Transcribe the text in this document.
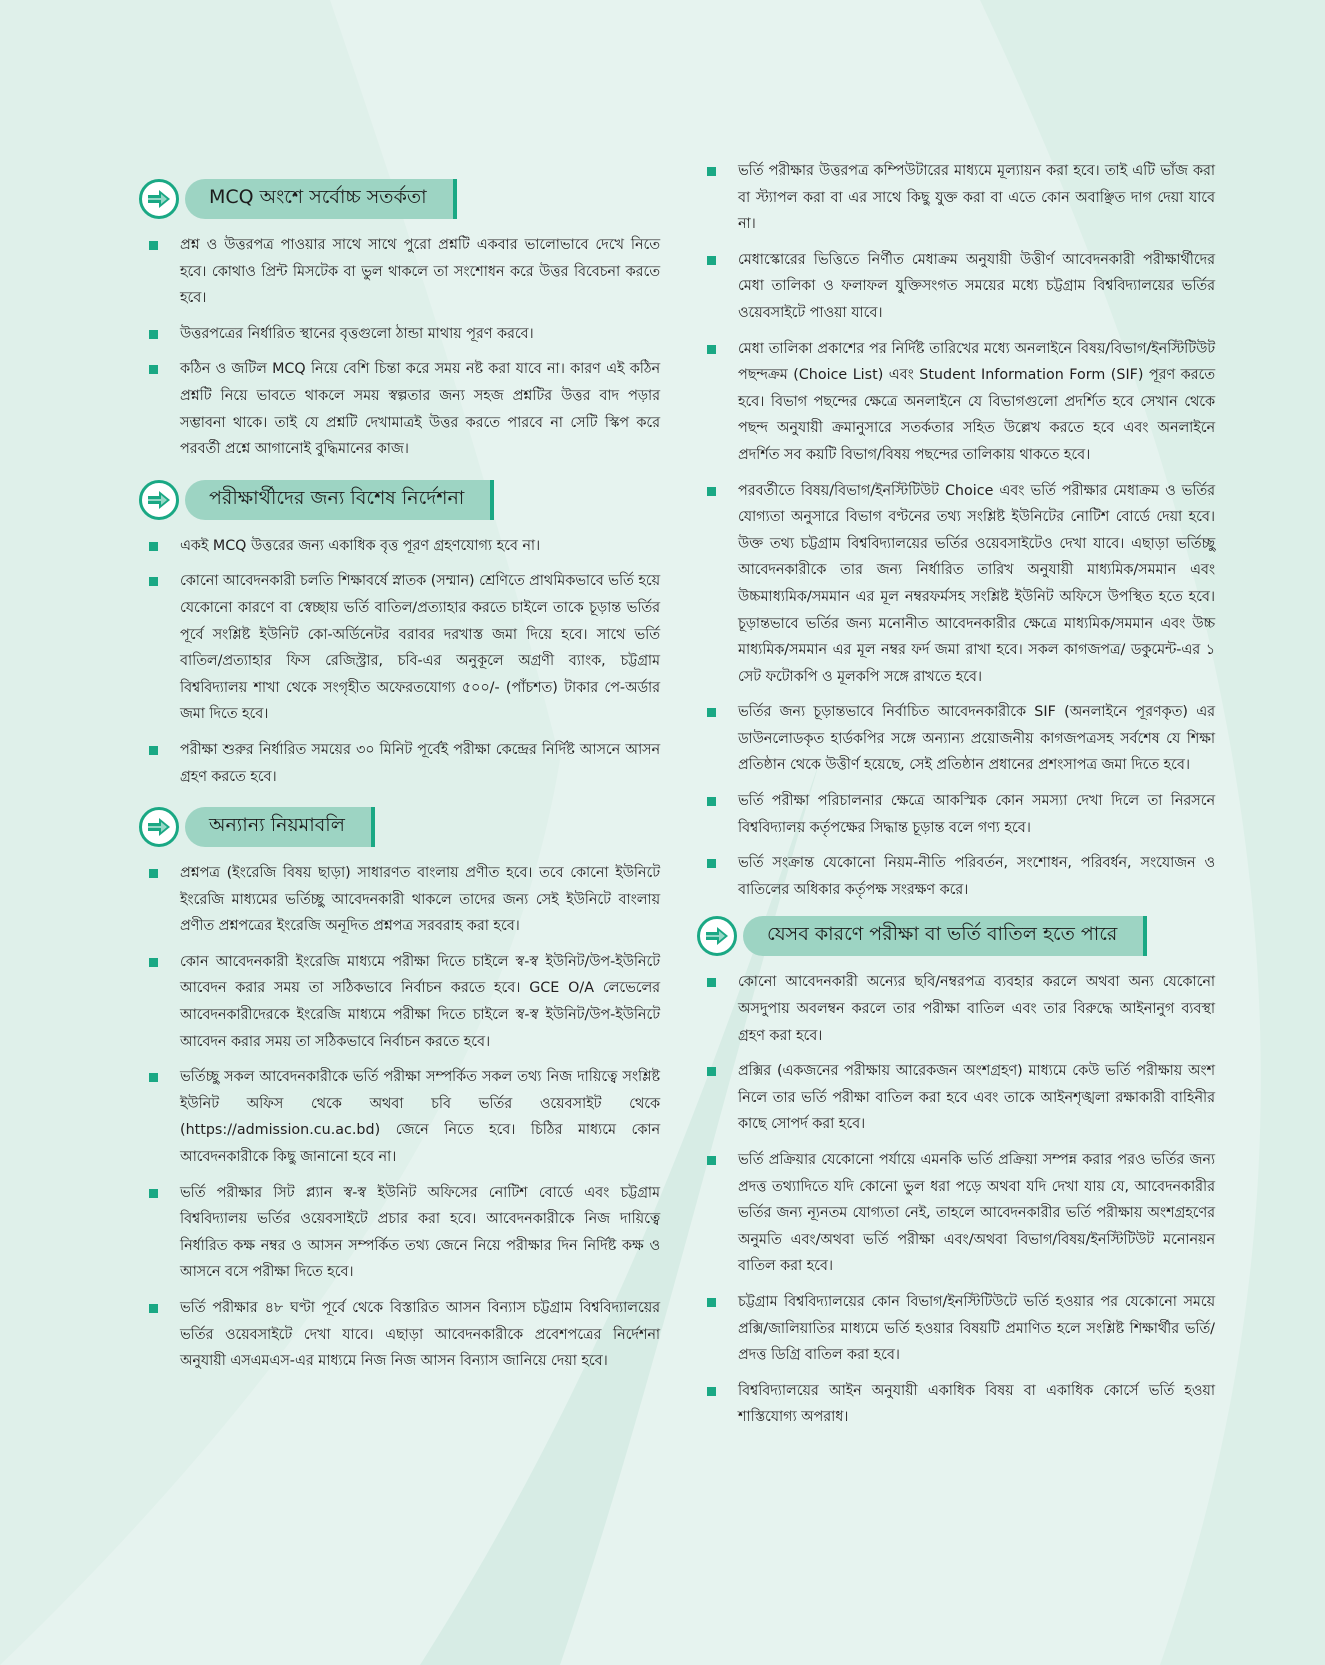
MCQ অংশে সর্বোচ্চ সতর্কতা
প্রশ্ন ও উত্তরপত্র পাওয়ার সাথে সাথে পুরো প্রশ্নটি একবার ভালোভাবে দেখে নিতে হবে। কোথাও প্রিন্ট মিসটেক বা ভুল থাকলে তা সংশোধন করে উত্তর বিবেচনা করতে হবে।
উত্তরপত্রের নির্ধারিত স্থানের বৃত্তগুলো ঠান্ডা মাথায় পূরণ করবে।
কঠিন ও জটিল MCQ নিয়ে বেশি চিন্তা করে সময় নষ্ট করা যাবে না। কারণ এই কঠিন প্রশ্নটি নিয়ে ভাবতে থাকলে সময় স্বল্পতার জন্য সহজ প্রশ্নটির উত্তর বাদ পড়ার সম্ভাবনা থাকে। তাই যে প্রশ্নটি দেখামাত্রই উত্তর করতে পারবে না সেটি স্কিপ করে পরবর্তী প্রশ্নে আগানোই বুদ্ধিমানের কাজ।
পরীক্ষার্থীদের জন্য বিশেষ নির্দেশনা
একই MCQ উত্তরের জন্য একাধিক বৃত্ত পূরণ গ্রহণযোগ্য হবে না।
কোনো আবেদনকারী চলতি শিক্ষাবর্ষে স্নাতক (সম্মান) শ্রেণিতে প্রাথমিকভাবে ভর্তি হয়ে যেকোনো কারণে বা স্বেচ্ছায় ভর্তি বাতিল/প্রত্যাহার করতে চাইলে তাকে চূড়ান্ত ভর্তির পূর্বে সংশ্লিষ্ট ইউনিট কো-অর্ডিনেটর বরাবর দরখাস্ত জমা দিয়ে হবে। সাথে ভর্তি বাতিল/প্রত্যাহার ফিস রেজিস্ট্রার, চবি-এর অনুকূলে অগ্রণী ব্যাংক, চট্টগ্রাম বিশ্ববিদ্যালয় শাখা থেকে সংগৃহীত অফেরতযোগ্য ৫০০/- (পাঁচশত) টাকার পে-অর্ডার জমা দিতে হবে।
পরীক্ষা শুরুর নির্ধারিত সময়ের ৩০ মিনিট পূর্বেই পরীক্ষা কেন্দ্রের নির্দিষ্ট আসনে আসন গ্রহণ করতে হবে।
অন্যান্য নিয়মাবলি
প্রশ্নপত্র (ইংরেজি বিষয় ছাড়া) সাধারণত বাংলায় প্রণীত হবে। তবে কোনো ইউনিটে ইংরেজি মাধ্যমের ভর্তিচ্ছু আবেদনকারী থাকলে তাদের জন্য সেই ইউনিটে বাংলায় প্রণীত প্রশ্নপত্রের ইংরেজি অনূদিত প্রশ্নপত্র সরবরাহ করা হবে।
কোন আবেদনকারী ইংরেজি মাধ্যমে পরীক্ষা দিতে চাইলে স্ব-স্ব ইউনিট/উপ-ইউনিটে আবেদন করার সময় তা সঠিকভাবে নির্বাচন করতে হবে। GCE O/A লেভেলের আবেদনকারীদেরকে ইংরেজি মাধ্যমে পরীক্ষা দিতে চাইলে স্ব-স্ব ইউনিট/উপ-ইউনিটে আবেদন করার সময় তা সঠিকভাবে নির্বাচন করতে হবে।
ভর্তিচ্ছু সকল আবেদনকারীকে ভর্তি পরীক্ষা সম্পর্কিত সকল তথ্য নিজ দায়িত্বে সংশ্লিষ্ট ইউনিট অফিস থেকে অথবা চবি ভর্তির ওয়েবসাইট থেকে (https://admission.cu.ac.bd) জেনে নিতে হবে। চিঠির মাধ্যমে কোন আবেদনকারীকে কিছু জানানো হবে না।
ভর্তি পরীক্ষার সিট প্ল্যান স্ব-স্ব ইউনিট অফিসের নোটিশ বোর্ডে এবং চট্টগ্রাম বিশ্ববিদ্যালয় ভর্তির ওয়েবসাইটে প্রচার করা হবে। আবেদনকারীকে নিজ দায়িত্বে নির্ধারিত কক্ষ নম্বর ও আসন সম্পর্কিত তথ্য জেনে নিয়ে পরীক্ষার দিন নির্দিষ্ট কক্ষ ও আসনে বসে পরীক্ষা দিতে হবে।
ভর্তি পরীক্ষার ৪৮ ঘণ্টা পূর্বে থেকে বিস্তারিত আসন বিন্যাস চট্টগ্রাম বিশ্ববিদ্যালয়ের ভর্তির ওয়েবসাইটে দেখা যাবে। এছাড়া আবেদনকারীকে প্রবেশপত্রের নির্দেশনা অনুযায়ী এসএমএস-এর মাধ্যমে নিজ নিজ আসন বিন্যাস জানিয়ে দেয়া হবে।
ভর্তি পরীক্ষার উত্তরপত্র কম্পিউটারের মাধ্যমে মূল্যায়ন করা হবে। তাই এটি ভাঁজ করা বা স্ট্যাপল করা বা এর সাথে কিছু যুক্ত করা বা এতে কোন অবাঞ্ছিত দাগ দেয়া যাবে না।
মেধাস্কোরের ভিত্তিতে নির্ণীত মেধাক্রম অনুযায়ী উত্তীর্ণ আবেদনকারী পরীক্ষার্থীদের মেধা তালিকা ও ফলাফল যুক্তিসংগত সময়ের মধ্যে চট্টগ্রাম বিশ্ববিদ্যালয়ের ভর্তির ওয়েবসাইটে পাওয়া যাবে।
মেধা তালিকা প্রকাশের পর নির্দিষ্ট তারিখের মধ্যে অনলাইনে বিষয়/বিভাগ/ইনস্টিটিউট পছন্দক্রম (Choice List) এবং Student Information Form (SIF) পূরণ করতে হবে। বিভাগ পছন্দের ক্ষেত্রে অনলাইনে যে বিভাগগুলো প্রদর্শিত হবে সেখান থেকে পছন্দ অনুযায়ী ক্রমানুসারে সতর্কতার সহিত উল্লেখ করতে হবে এবং অনলাইনে প্রদর্শিত সব কয়টি বিভাগ/বিষয় পছন্দের তালিকায় থাকতে হবে।
পরবর্তীতে বিষয়/বিভাগ/ইনস্টিটিউট Choice এবং ভর্তি পরীক্ষার মেধাক্রম ও ভর্তির যোগ্যতা অনুসারে বিভাগ বণ্টনের তথ্য সংশ্লিষ্ট ইউনিটের নোটিশ বোর্ডে দেয়া হবে। উক্ত তথ্য চট্টগ্রাম বিশ্ববিদ্যালয়ের ভর্তির ওয়েবসাইটেও দেখা যাবে। এছাড়া ভর্তিচ্ছু আবেদনকারীকে তার জন্য নির্ধারিত তারিখ অনুযায়ী মাধ্যমিক/সমমান এবং উচ্চমাধ্যমিক/সমমান এর মূল নম্বরফর্মসহ সংশ্লিষ্ট ইউনিট অফিসে উপস্থিত হতে হবে। চূড়ান্তভাবে ভর্তির জন্য মনোনীত আবেদনকারীর ক্ষেত্রে মাধ্যমিক/সমমান এবং উচ্চ মাধ্যমিক/সমমান এর মূল নম্বর ফর্দ জমা রাখা হবে। সকল কাগজপত্র/ ডকুমেন্ট-এর ১ সেট ফটোকপি ও মূলকপি সঙ্গে রাখতে হবে।
ভর্তির জন্য চূড়ান্তভাবে নির্বাচিত আবেদনকারীকে SIF (অনলাইনে পূরণকৃত) এর ডাউনলোডকৃত হার্ডকপির সঙ্গে অন্যান্য প্রয়োজনীয় কাগজপত্রসহ সর্বশেষ যে শিক্ষা প্রতিষ্ঠান থেকে উত্তীর্ণ হয়েছে, সেই প্রতিষ্ঠান প্রধানের প্রশংসাপত্র জমা দিতে হবে।
ভর্তি পরীক্ষা পরিচালনার ক্ষেত্রে আকস্মিক কোন সমস্যা দেখা দিলে তা নিরসনে বিশ্ববিদ্যালয় কর্তৃপক্ষের সিদ্ধান্ত চূড়ান্ত বলে গণ্য হবে।
ভর্তি সংক্রান্ত যেকোনো নিয়ম-নীতি পরিবর্তন, সংশোধন, পরিবর্ধন, সংযোজন ও বাতিলের অধিকার কর্তৃপক্ষ সংরক্ষণ করে।
যেসব কারণে পরীক্ষা বা ভর্তি বাতিল হতে পারে
কোনো আবেদনকারী অন্যের ছবি/নম্বরপত্র ব্যবহার করলে অথবা অন্য যেকোনো অসদুপায় অবলম্বন করলে তার পরীক্ষা বাতিল এবং তার বিরুদ্ধে আইনানুগ ব্যবস্থা গ্রহণ করা হবে।
প্রক্সির (একজনের পরীক্ষায় আরেকজন অংশগ্রহণ) মাধ্যমে কেউ ভর্তি পরীক্ষায় অংশ নিলে তার ভর্তি পরীক্ষা বাতিল করা হবে এবং তাকে আইনশৃঙ্খলা রক্ষাকারী বাহিনীর কাছে সোপর্দ করা হবে।
ভর্তি প্রক্রিয়ার যেকোনো পর্যায়ে এমনকি ভর্তি প্রক্রিয়া সম্পন্ন করার পরও ভর্তির জন্য প্রদত্ত তথ্যাদিতে যদি কোনো ভুল ধরা পড়ে অথবা যদি দেখা যায় যে, আবেদনকারীর ভর্তির জন্য ন্যূনতম যোগ্যতা নেই, তাহলে আবেদনকারীর ভর্তি পরীক্ষায় অংশগ্রহণের অনুমতি এবং/অথবা ভর্তি পরীক্ষা এবং/অথবা বিভাগ/বিষয়/ইনস্টিটিউট মনোনয়ন বাতিল করা হবে।
চট্টগ্রাম বিশ্ববিদ্যালয়ের কোন বিভাগ/ইনস্টিটিউটে ভর্তি হওয়ার পর যেকোনো সময়ে প্রক্সি/জালিয়াতির মাধ্যমে ভর্তি হওয়ার বিষয়টি প্রমাণিত হলে সংশ্লিষ্ট শিক্ষার্থীর ভর্তি/প্রদত্ত ডিগ্রি বাতিল করা হবে।
বিশ্ববিদ্যালয়ের আইন অনুযায়ী একাধিক বিষয় বা একাধিক কোর্সে ভর্তি হওয়া শাস্তিযোগ্য অপরাধ।
